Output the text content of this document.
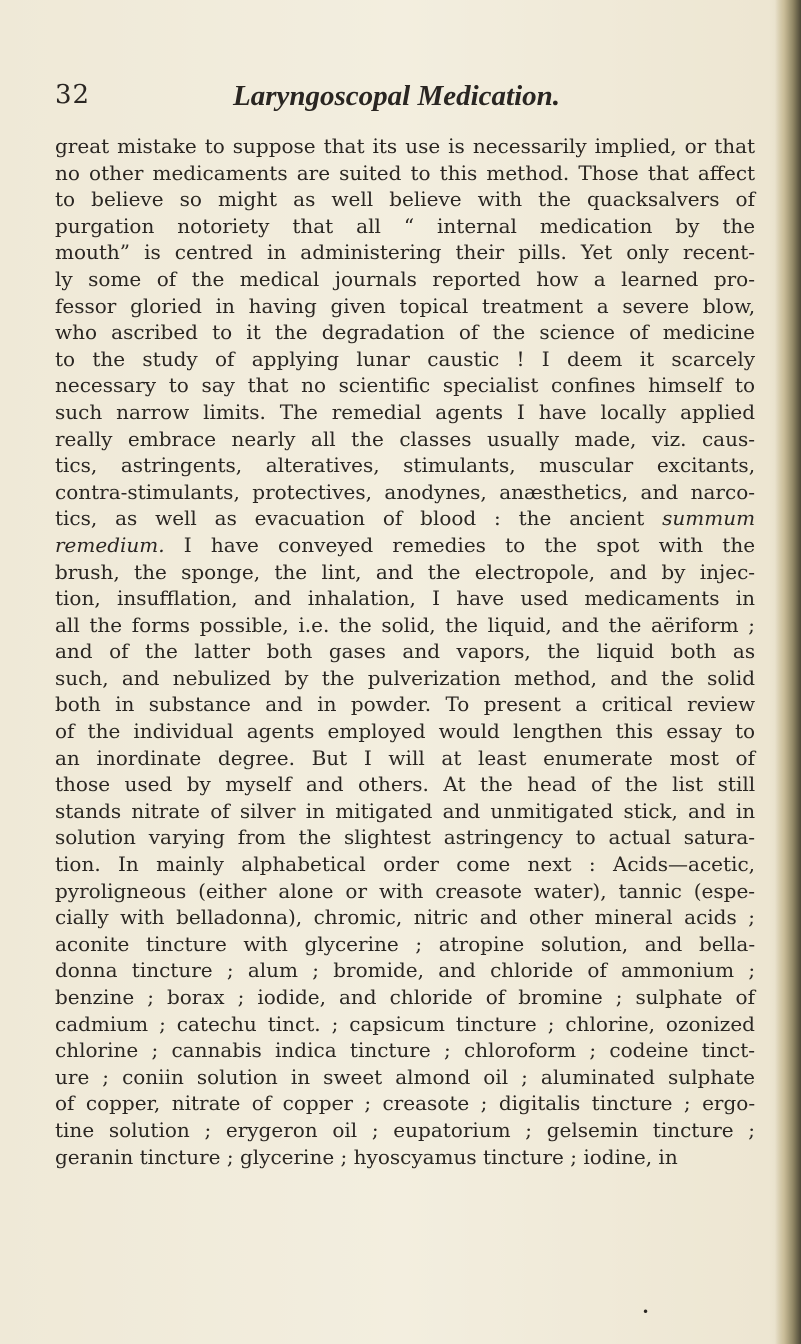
32	Laryngoscopal Medication.
great mistake to suppose that its use is necessarily implied, or that
no other medicaments are suited to this method. Those that affect
to believe so might as well believe with the quacksalvers of
purgation notoriety that all “ internal medication by the
mouth” is centred in administering their pills. Yet only recent-
ly some of the medical journals reported how a learned pro-
fessor gloried in having given topical treatment a severe blow,
who ascribed to it the degradation of the science of medicine
to the study of applying lunar caustic ! I deem it scarcely
necessary to say that no scientific specialist confines himself to
such narrow limits. The remedial agents I have locally applied
really embrace nearly all the classes usually made, viz. caus-
tics, astringents, alteratives, stimulants, muscular excitants,
contra-stimulants, protectives, anodynes, anæsthetics, and narco-
tics, as well as evacuation of blood : the ancient summum
remedium. I have conveyed remedies to the spot with the
brush, the sponge, the lint, and the electropole, and by injec-
tion, insufflation, and inhalation, I have used medicaments in
all the forms possible, i.e. the solid, the liquid, and the aëriform ;
and of the latter both gases and vapors, the liquid both as
such, and nebulized by the pulverization method, and the solid
both in substance and in powder. To present a critical review
of the individual agents employed would lengthen this essay to
an inordinate degree. But I will at least enumerate most of
those used by myself and others. At the head of the list still
stands nitrate of silver in mitigated and unmitigated stick, and in
solution varying from the slightest astringency to actual satura-
tion. In mainly alphabetical order come next : Acids—acetic,
pyroligneous (either alone or with creasote water), tannic (espe-
cially with belladonna), chromic, nitric and other mineral acids ;
aconite tincture with glycerine ; atropine solution, and bella-
donna tincture ; alum ; bromide, and chloride of ammonium ;
benzine ; borax ; iodide, and chloride of bromine ; sulphate of
cadmium ; catechu tinct. ; capsicum tincture ; chlorine, ozonized
chlorine ; cannabis indica tincture ; chloroform ; codeine tinct-
ure ; coniin solution in sweet almond oil ; aluminated sulphate
of copper, nitrate of copper ; creasote ; digitalis tincture ; ergo-
tine solution ; erygeron oil ; eupatorium ; gelsemin tincture ;
geranin tincture ; glycerine ; hyoscyamus tincture ; iodine, in
•
